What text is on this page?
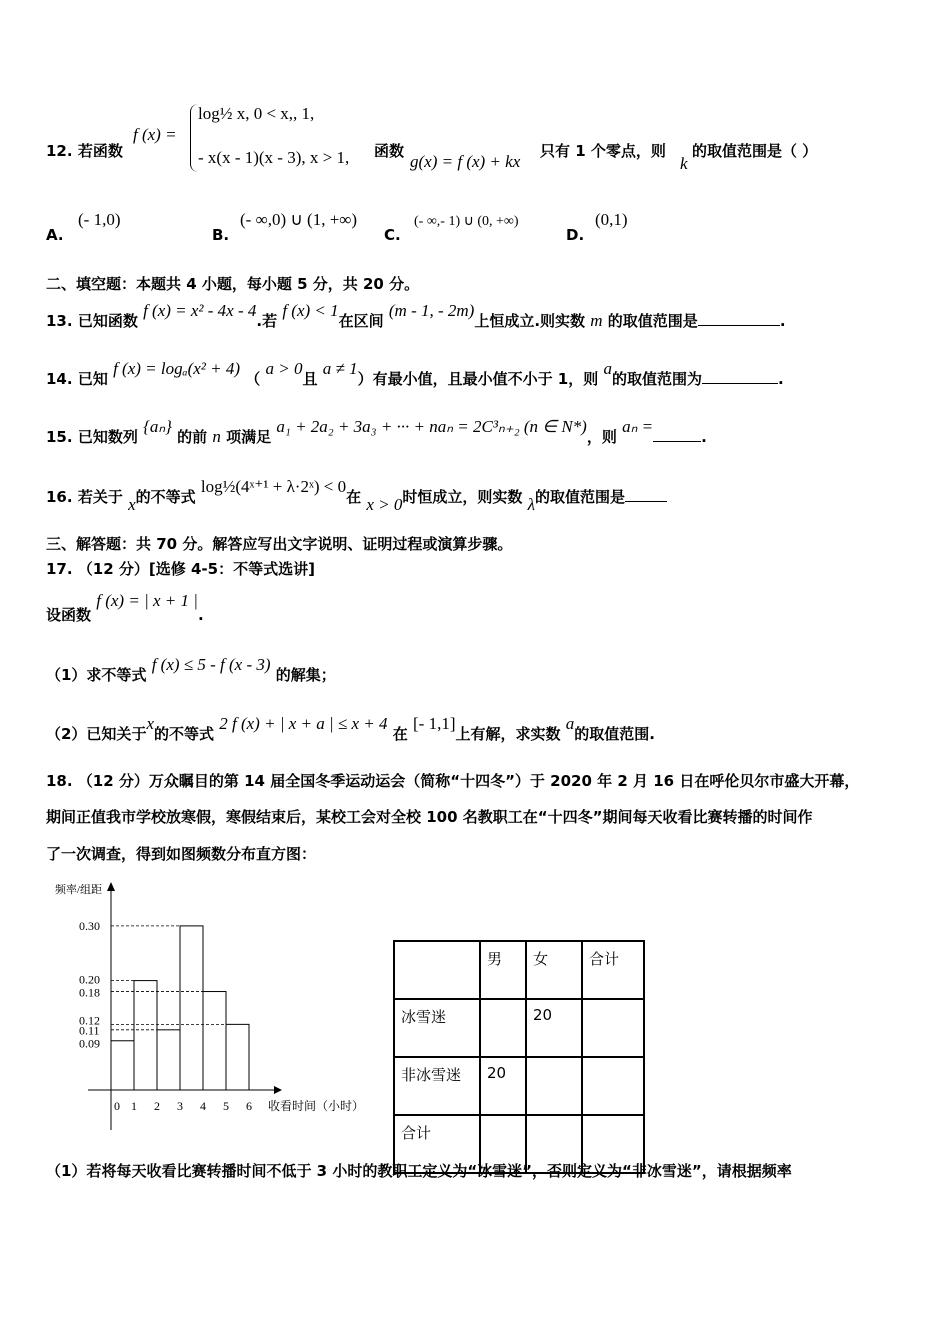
12. 若函数
f (x) =
log½ x, 0 < x,, 1,
- x(x - 1)(x - 3), x > 1, 函数
g(x) = f (x) + kx
只有 1 个零点，则
k
的取值范围是（ ）
A.
(- 1,0)
B.
(- ∞,0) ∪ (1, +∞)
C.
(- ∞,- 1) ∪ (0, +∞)
D.
(0,1)
二、填空题：本题共 4 小题，每小题 5 分，共 20 分。
13. 已知函数 f (x) = x² - 4x - 4.若 f (x) < 1在区间 (m - 1, - 2m)上恒成立.则实数 m 的取值范围是	.
14. 已知 f (x) = logₐ(x² + 4) （ a > 0且 a ≠ 1）有最小值，且最小值不小于 1，则 a的取值范围为	.
15. 已知数列 {aₙ} 的前 n 项满足 a₁ + 2a₂ + 3a₃ + ··· + naₙ = 2C³ₙ₊₂ (n ∈ N*)，则 aₙ =.
16. 若关于 x的不等式 log½(4ˣ⁺¹ + λ·2ˣ) < 0在 x > 0时恒成立，则实数 λ的取值范围是
三、解答题：共 70 分。解答应写出文字说明、证明过程或演算步骤。
17. （12 分）[选修 4-5：不等式选讲]
设函数 f (x) = | x + 1 |.
（1）求不等式 f (x) ≤ 5 - f (x - 3) 的解集；
（2）已知关于x的不等式 2 f (x) + | x + a | ≤ x + 4 在 [- 1,1]上有解，求实数 a的取值范围.
18. （12 分）万众瞩目的第 14 届全国冬季运动运会（简称“十四冬”）于 2020 年 2 月 16 日在呼伦贝尔市盛大开幕，
期间正值我市学校放寒假，寒假结束后，某校工会对全校 100 名教职工在“十四冬”期间每天收看比赛转播的时间作
了一次调查，得到如图频数分布直方图：
频率/组距
收看时间（小时）
0 1 2 3 4 5 6
0.30
0.20
0.18
0.12
0.11
0.09
	男	女	合计
冰雪迷		20	
非冰雪迷	20		
合计			
（1）若将每天收看比赛转播时间不低于 3 小时的教职工定义为“冰雪迷”，否则定义为“非冰雪迷”，请根据频率
